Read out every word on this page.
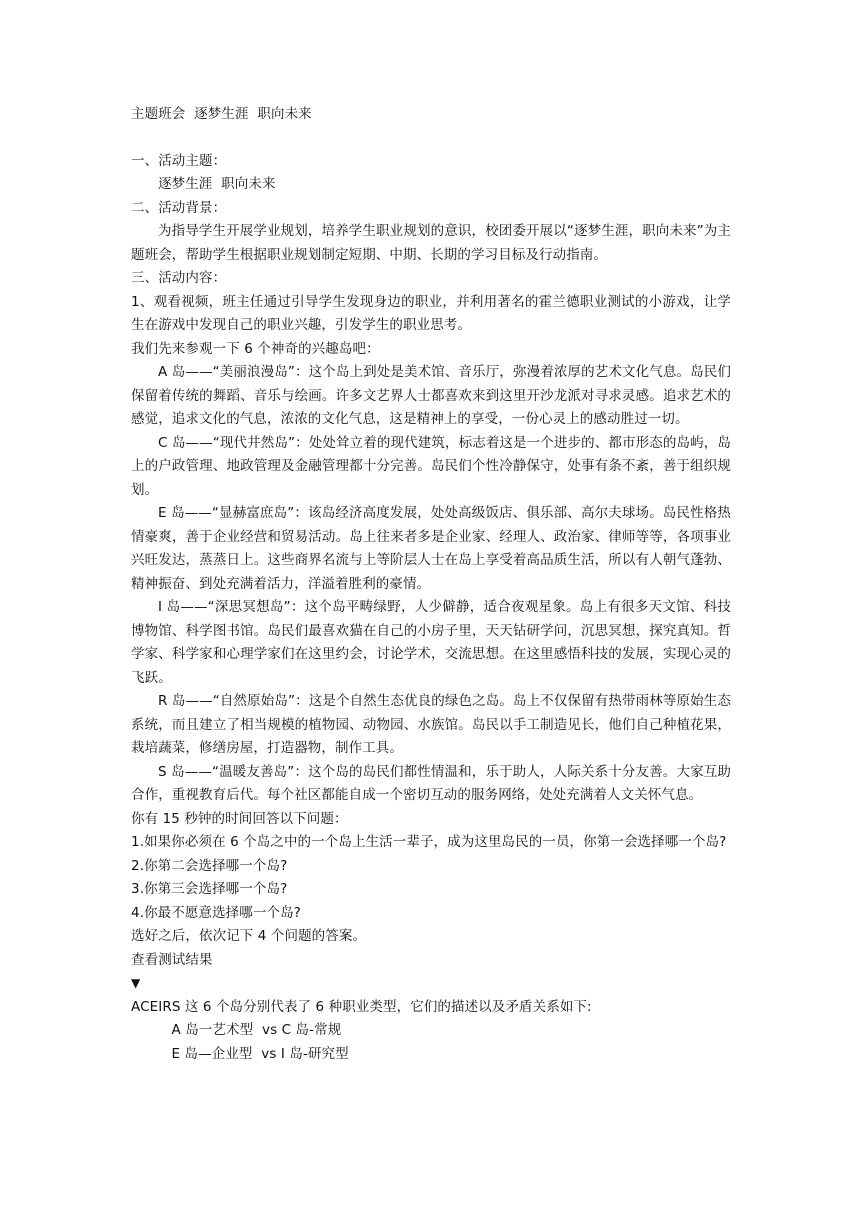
主题班会  逐梦生涯  职向未来

一、活动主题：

逐梦生涯  职向未来

二、活动背景：

为指导学生开展学业规划，培养学生职业规划的意识，校团委开展以“逐梦生涯，职向未来”为主题班会，帮助学生根据职业规划制定短期、中期、长期的学习目标及行动指南。

三、活动内容：

1、观看视频，班主任通过引导学生发现身边的职业，并利用著名的霍兰德职业测试的小游戏，让学生在游戏中发现自己的职业兴趣，引发学生的职业思考。

我们先来参观一下 6 个神奇的兴趣岛吧：

A 岛——“美丽浪漫岛”：这个岛上到处是美术馆、音乐厅，弥漫着浓厚的艺术文化气息。岛民们保留着传统的舞蹈、音乐与绘画。许多文艺界人士都喜欢来到这里开沙龙派对寻求灵感。追求艺术的感觉，追求文化的气息，浓浓的文化气息，这是精神上的享受，一份心灵上的感动胜过一切。

C 岛——“现代井然岛”：处处耸立着的现代建筑，标志着这是一个进步的、都市形态的岛屿，岛上的户政管理、地政管理及金融管理都十分完善。岛民们个性冷静保守，处事有条不紊，善于组织规划。

E 岛——“显赫富庶岛”：该岛经济高度发展，处处高级饭店、俱乐部、高尔夫球场。岛民性格热情豪爽，善于企业经营和贸易活动。岛上往来者多是企业家、经理人、政治家、律师等等，各项事业兴旺发达，蒸蒸日上。这些商界名流与上等阶层人士在岛上享受着高品质生活，所以有人朝气蓬勃、精神振奋、到处充满着活力，洋溢着胜利的豪情。

I 岛——“深思冥想岛”：这个岛平畴绿野，人少僻静，适合夜观星象。岛上有很多天文馆、科技博物馆、科学图书馆。岛民们最喜欢猫在自己的小房子里，天天钻研学问，沉思冥想，探究真知。哲学家、科学家和心理学家们在这里约会，讨论学术，交流思想。在这里感悟科技的发展，实现心灵的飞跃。

R 岛——“自然原始岛”：这是个自然生态优良的绿色之岛。岛上不仅保留有热带雨林等原始生态系统，而且建立了相当规模的植物园、动物园、水族馆。岛民以手工制造见长，他们自己种植花果，栽培蔬菜，修缮房屋，打造器物，制作工具。

S 岛——“温暖友善岛”：这个岛的岛民们都性情温和，乐于助人，人际关系十分友善。大家互助合作，重视教育后代。每个社区都能自成一个密切互动的服务网络，处处充满着人文关怀气息。

你有 15 秒钟的时间回答以下问题：

1.如果你必须在 6 个岛之中的一个岛上生活一辈子，成为这里岛民的一员，你第一会选择哪一个岛?

2.你第二会选择哪一个岛?

3.你第三会选择哪一个岛?

4.你最不愿意选择哪一个岛?

选好之后，依次记下 4 个问题的答案。

查看测试结果

▼

ACEIRS 这 6 个岛分别代表了 6 种职业类型，它们的描述以及矛盾关系如下:

A 岛一艺术型  vs C 岛-常规

E 岛—企业型  vs I 岛-研究型
